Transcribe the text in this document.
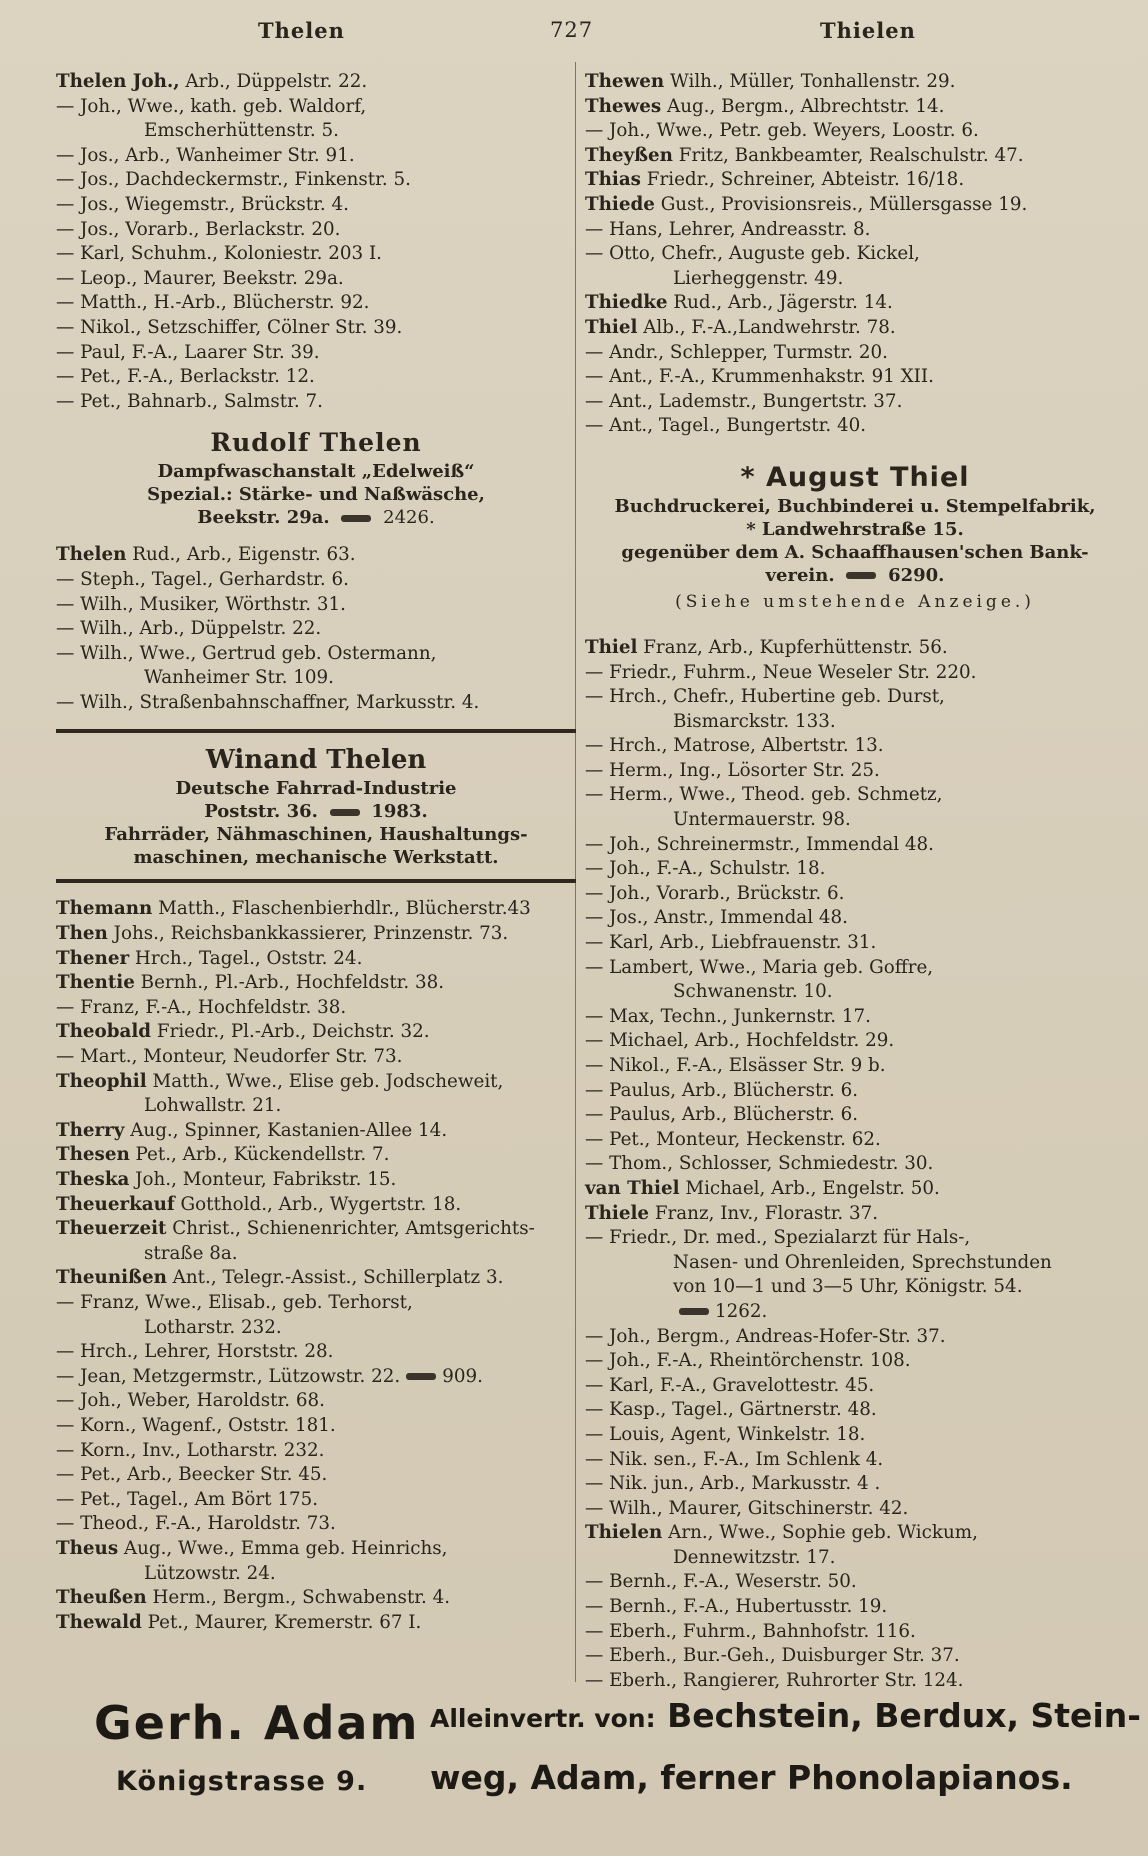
Thelen	727	Thielen
Thelen Joh., Arb., Düppelstr. 22.
— Joh., Wwe., kath. geb. Waldorf,
Emscherhüttenstr. 5.
— Jos., Arb., Wanheimer Str. 91.
— Jos., Dachdeckermstr., Finkenstr. 5.
— Jos., Wiegemstr., Brückstr. 4.
— Jos., Vorarb., Berlackstr. 20.
— Karl, Schuhm., Koloniestr. 203 I.
— Leop., Maurer, Beekstr. 29a.
— Matth., H.-Arb., Blücherstr. 92.
— Nikol., Setzschiffer, Cölner Str. 39.
— Paul, F.-A., Laarer Str. 39.
— Pet., F.-A., Berlackstr. 12.
— Pet., Bahnarb., Salmstr. 7.
Rudolf Thelen
Dampfwaschanstalt „Edelweiß“
Spezial.: Stärke- und Naßwäsche,
Beekstr. 29a.	2426.
Thelen Rud., Arb., Eigenstr. 63.
— Steph., Tagel., Gerhardstr. 6.
— Wilh., Musiker, Wörthstr. 31.
— Wilh., Arb., Düppelstr. 22.
— Wilh., Wwe., Gertrud geb. Ostermann,
Wanheimer Str. 109.
— Wilh., Straßenbahnschaffner, Markusstr. 4.
Winand Thelen
Deutsche Fahrrad-Industrie
Poststr. 36.	1983.
Fahrräder, Nähmaschinen, Haushaltungs-
maschinen, mechanische Werkstatt.
Themann Matth., Flaschenbierhdlr., Blücherstr.43
Then Johs., Reichsbankkassierer, Prinzenstr. 73.
Thener Hrch., Tagel., Oststr. 24.
Thentie Bernh., Pl.-Arb., Hochfeldstr. 38.
— Franz, F.-A., Hochfeldstr. 38.
Theobald Friedr., Pl.-Arb., Deichstr. 32.
— Mart., Monteur, Neudorfer Str. 73.
Theophil Matth., Wwe., Elise geb. Jodscheweit,
Lohwallstr. 21.
Therry Aug., Spinner, Kastanien-Allee 14.
Thesen Pet., Arb., Kückendellstr. 7.
Theska Joh., Monteur, Fabrikstr. 15.
Theuerkauf Gotthold., Arb., Wygertstr. 18.
Theuerzeit Christ., Schienenrichter, Amtsgerichts-
straße 8a.
Theunißen Ant., Telegr.-Assist., Schillerplatz 3.
— Franz, Wwe., Elisab., geb. Terhorst,
Lotharstr. 232.
— Hrch., Lehrer, Horststr. 28.
— Jean, Metzgermstr., Lützowstr. 22. 909.
— Joh., Weber, Haroldstr. 68.
— Korn., Wagenf., Oststr. 181.
— Korn., Inv., Lotharstr. 232.
— Pet., Arb., Beecker Str. 45.
— Pet., Tagel., Am Bört 175.
— Theod., F.-A., Haroldstr. 73.
Theus Aug., Wwe., Emma geb. Heinrichs,
Lützowstr. 24.
Theußen Herm., Bergm., Schwabenstr. 4.
Thewald Pet., Maurer, Kremerstr. 67 I.
Thewen Wilh., Müller, Tonhallenstr. 29.
Thewes Aug., Bergm., Albrechtstr. 14.
— Joh., Wwe., Petr. geb. Weyers, Loostr. 6.
Theyßen Fritz, Bankbeamter, Realschulstr. 47.
Thias Friedr., Schreiner, Abteistr. 16/18.
Thiede Gust., Provisionsreis., Müllersgasse 19.
— Hans, Lehrer, Andreasstr. 8.
— Otto, Chefr., Auguste geb. Kickel,
Lierheggenstr. 49.
Thiedke Rud., Arb., Jägerstr. 14.
Thiel Alb., F.-A.,Landwehrstr. 78.
— Andr., Schlepper, Turmstr. 20.
— Ant., F.-A., Krummenhakstr. 91 XII.
— Ant., Lademstr., Bungertstr. 37.
— Ant., Tagel., Bungertstr. 40.
* August Thiel
Buchdruckerei, Buchbinderei u. Stempelfabrik,
* Landwehrstraße 15.
gegenüber dem A. Schaaffhausen'schen Bank-
verein.	6290.
(Siehe umstehende Anzeige.)
Thiel Franz, Arb., Kupferhüttenstr. 56.
— Friedr., Fuhrm., Neue Weseler Str. 220.
— Hrch., Chefr., Hubertine geb. Durst,
Bismarckstr. 133.
— Hrch., Matrose, Albertstr. 13.
— Herm., Ing., Lösorter Str. 25.
— Herm., Wwe., Theod. geb. Schmetz,
Untermauerstr. 98.
— Joh., Schreinermstr., Immendal 48.
— Joh., F.-A., Schulstr. 18.
— Joh., Vorarb., Brückstr. 6.
— Jos., Anstr., Immendal 48.
— Karl, Arb., Liebfrauenstr. 31.
— Lambert, Wwe., Maria geb. Goffre,
Schwanenstr. 10.
— Max, Techn., Junkernstr. 17.
— Michael, Arb., Hochfeldstr. 29.
— Nikol., F.-A., Elsässer Str. 9 b.
— Paulus, Arb., Blücherstr. 6.
— Paulus, Arb., Blücherstr. 6.
— Pet., Monteur, Heckenstr. 62.
— Thom., Schlosser, Schmiedestr. 30.
van Thiel Michael, Arb., Engelstr. 50.
Thiele Franz, Inv., Florastr. 37.
— Friedr., Dr. med., Spezialarzt für Hals-,
Nasen- und Ohrenleiden, Sprechstunden
von 10—1 und 3—5 Uhr, Königstr. 54.
1262.
— Joh., Bergm., Andreas-Hofer-Str. 37.
— Joh., F.-A., Rheintörchenstr. 108.
— Karl, F.-A., Gravelottestr. 45.
— Kasp., Tagel., Gärtnerstr. 48.
— Louis, Agent, Winkelstr. 18.
— Nik. sen., F.-A., Im Schlenk 4.
— Nik. jun., Arb., Markusstr. 4 .
— Wilh., Maurer, Gitschinerstr. 42.
Thielen Arn., Wwe., Sophie geb. Wickum,
Dennewitzstr. 17.
— Bernh., F.-A., Weserstr. 50.
— Bernh., F.-A., Hubertusstr. 19.
— Eberh., Fuhrm., Bahnhofstr. 116.
— Eberh., Bur.-Geh., Duisburger Str. 37.
— Eberh., Rangierer, Ruhrorter Str. 124.
Gerh. Adam
Königstrasse 9.
Alleinvertr. von: Bechstein, Berdux, Stein-
weg, Adam, ferner Phonolapianos.
